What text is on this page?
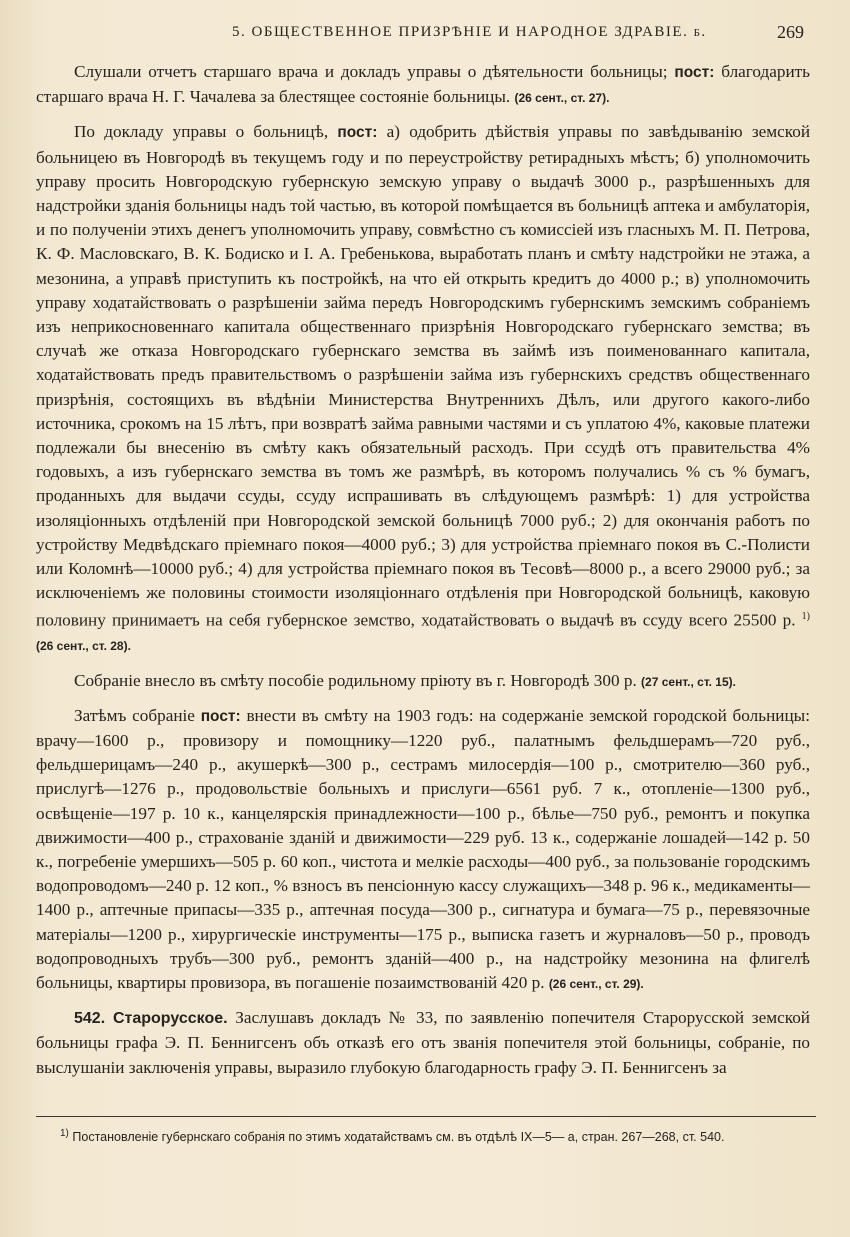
5. ОБЩЕСТВЕННОЕ ПРИЗРѢНІЕ И НАРОДНОЕ ЗДРАВІЕ. б.	269

Слушали отчетъ старшаго врача и докладъ управы о дѣятельности больницы; пост: благодарить старшаго врача Н. Г. Чачалева за блестящее состояніе больницы. (26 сент., ст. 27).

По докладу управы о больницѣ, пост: а) одобрить дѣйствія управы по завѣдыванію земской больницею въ Новгородѣ въ текущемъ году и по переустройству ретирадныхъ мѣстъ; б) уполномочить управу просить Новгородскую губернскую земскую управу о выдачѣ 3000 р., разрѣшенныхъ для надстройки зданія больницы надъ той частью, въ которой помѣщается въ больницѣ аптека и амбулаторія, и по полученіи этихъ денегъ уполномочить управу, совмѣстно съ комиссіей изъ гласныхъ М. П. Петрова, К. Ф. Масловскаго, В. К. Бодиско и І. А. Гребенькова, выработать планъ и смѣту надстройки не этажа, а мезонина, а управѣ приступить къ постройкѣ, на что ей открыть кредитъ до 4000 р.; в) уполномочить управу ходатайствовать о разрѣшеніи займа передъ Новгородскимъ губернскимъ земскимъ собраніемъ изъ неприкосновеннаго капитала общественнаго призрѣнія Новгородскаго губернскаго земства; въ случаѣ же отказа Новгородскаго губернскаго земства въ займѣ изъ поименованнаго капитала, ходатайствовать предъ правительствомъ о разрѣшеніи займа изъ губернскихъ средствъ общественнаго призрѣнія, состоящихъ въ вѣдѣніи Министерства Внутреннихъ Дѣлъ, или другого какого-либо источника, срокомъ на 15 лѣтъ, при возвратѣ займа равными частями и съ уплатою 4%, каковые платежи подлежали бы внесенію въ смѣту какъ обязательный расходъ. При ссудѣ отъ правительства 4% годовыхъ, а изъ губернскаго земства въ томъ же размѣрѣ, въ которомъ получались % съ % бумагъ, проданныхъ для выдачи ссуды, ссуду испрашивать въ слѣдующемъ размѣрѣ: 1) для устройства изоляціонныхъ отдѣленій при Новгородской земской больницѣ 7000 руб.; 2) для окончанія работъ по устройству Медвѣдскаго пріемнаго покоя—4000 руб.; 3) для устройства пріемнаго покоя въ С.-Полисти или Коломнѣ—10000 руб.; 4) для устройства пріемнаго покоя въ Тесовѣ—8000 р., а всего 29000 руб.; за исключеніемъ же половины стоимости изоляціоннаго отдѣленія при Новгородской больницѣ, каковую половину принимаетъ на себя губернское земство, ходатайствовать о выдачѣ въ ссуду всего 25500 р. $^{1)}$ (26 сент., ст. 28).

Собраніе внесло въ смѣту пособіе родильному пріюту въ г. Новгородѣ 300 р. (27 сент., ст. 15).

Затѣмъ собраніе пост: внести въ смѣту на 1903 годъ: на содержаніе земской городской больницы: врачу—1600 р., провизору и помощнику—1220 руб., палатнымъ фельдшерамъ—720 руб., фельдшерицамъ—240 р., акушеркѣ—300 р., сестрамъ милосердія—100 р., смотрителю—360 руб., прислугѣ—1276 р., продовольствіе больныхъ и прислуги—6561 руб. 7 к., отопленіе—1300 руб., освѣщеніе—197 р. 10 к., канцелярскія принадлежности—100 р., бѣлье—750 руб., ремонтъ и покупка движимости—400 р., страхованіе зданій и движимости—229 руб. 13 к., содержаніе лошадей—142 р. 50 к., погребеніе умершихъ—505 р. 60 коп., чистота и мелкіе расходы—400 руб., за пользованіе городскимъ водопроводомъ—240 р. 12 коп., % взносъ въ пенсіонную кассу служащихъ—348 р. 96 к., медикаменты—1400 р., аптечные припасы—335 р., аптечная посуда—300 р., сигнатура и бумага—75 р., перевязочные матеріалы—1200 р., хирургическіе инструменты—175 р., выписка газетъ и журналовъ—50 р., проводъ водопроводныхъ трубъ—300 руб., ремонтъ зданій—400 р., на надстройку мезонина на флигелѣ больницы, квартиры провизора, въ погашеніе позаимствованій 420 р. (26 сент., ст. 29).

542. Старорусское. Заслушавъ докладъ № 33, по заявленію попечителя Старорусской земской больницы графа Э. П. Беннигсенъ объ отказѣ его отъ званія попечителя этой больницы, собраніе, по выслушаніи заключенія управы, выразило глубокую благодарность графу Э. П. Беннигсенъ за

$^{1)}$ Постановленіе губернскаго собранія по этимъ ходатайствамъ см. въ отдѣлѣ IX—5— а, стран. 267—268, ст. 540.
